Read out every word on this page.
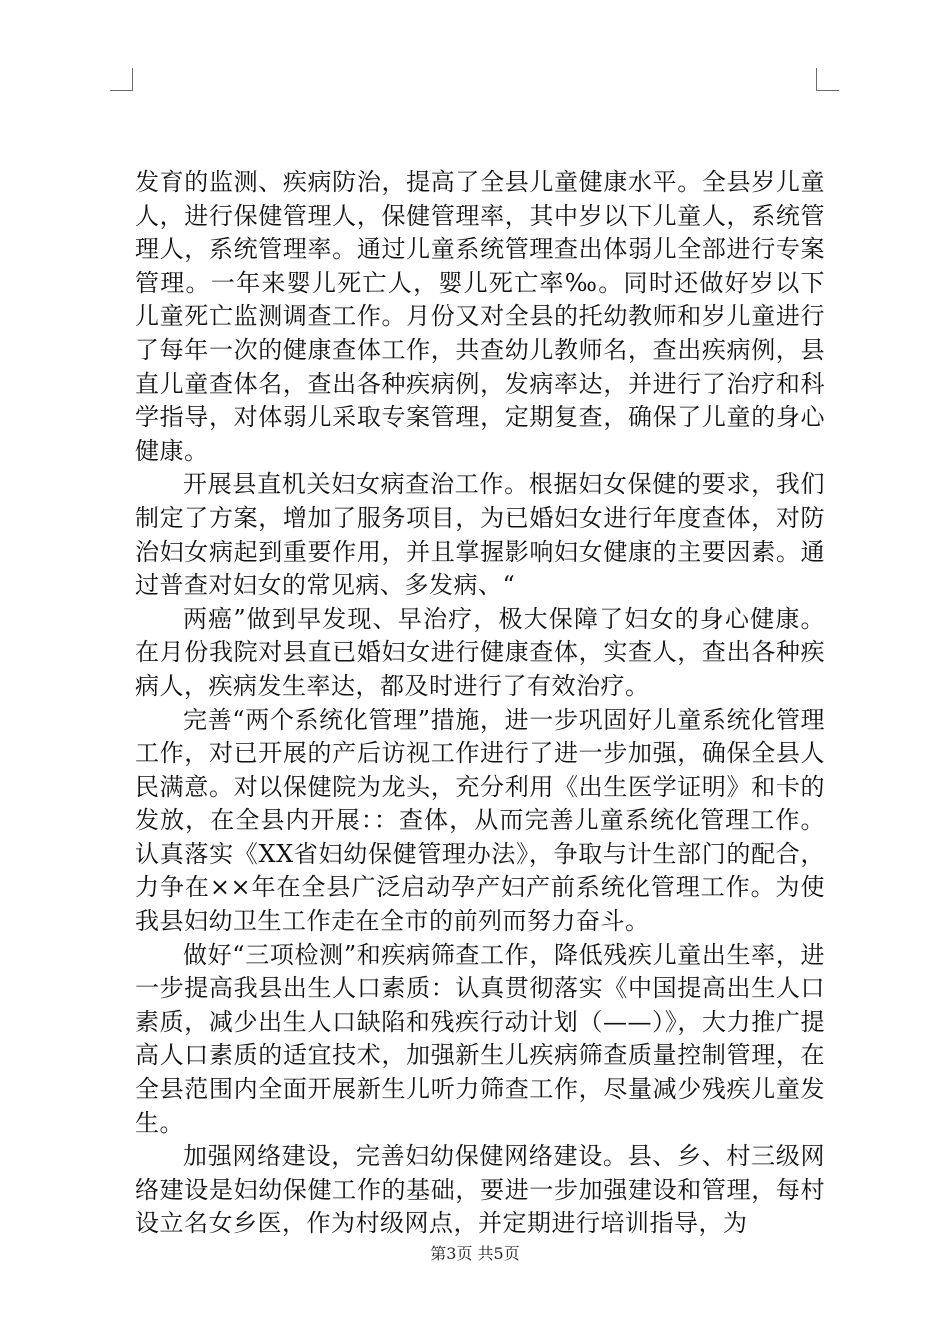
发育的监测、疾病防治，提高了全县儿童健康水平。全县岁儿童人，进行保健管理人，保健管理率，其中岁以下儿童人，系统管理人，系统管理率。通过儿童系统管理查出体弱儿全部进行专案管理。一年来婴儿死亡人，婴儿死亡率‰。同时还做好岁以下儿童死亡监测调查工作。月份又对全县的托幼教师和岁儿童进行了每年一次的健康查体工作，共查幼儿教师名，查出疾病例，县直儿童查体名，查出各种疾病例，发病率达，并进行了治疗和科学指导，对体弱儿采取专案管理，定期复查，确保了儿童的身心健康。

开展县直机关妇女病查治工作。根据妇女保健的要求，我们制定了方案，增加了服务项目，为已婚妇女进行年度查体，对防治妇女病起到重要作用，并且掌握影响妇女健康的主要因素。通过普查对妇女的常见病、多发病、“

两癌”做到早发现、早治疗，极大保障了妇女的身心健康。在月份我院对县直已婚妇女进行健康查体，实查人，查出各种疾病人，疾病发生率达，都及时进行了有效治疗。

完善“两个系统化管理”措施，进一步巩固好儿童系统化管理工作，对已开展的产后访视工作进行了进一步加强，确保全县人民满意。对以保健院为龙头，充分利用《出生医学证明》和卡的发放，在全县内开展：：查体，从而完善儿童系统化管理工作。认真落实《XX省妇幼保健管理办法》，争取与计生部门的配合，力争在××年在全县广泛启动孕产妇产前系统化管理工作。为使我县妇幼卫生工作走在全市的前列而努力奋斗。

做好“三项检测”和疾病筛查工作，降低残疾儿童出生率，进一步提高我县出生人口素质：认真贯彻落实《中国提高出生人口素质，减少出生人口缺陷和残疾行动计划（——）》，大力推广提高人口素质的适宜技术，加强新生儿疾病筛查质量控制管理，在全县范围内全面开展新生儿听力筛查工作，尽量减少残疾儿童发生。

加强网络建设，完善妇幼保健网络建设。县、乡、村三级网络建设是妇幼保健工作的基础，要进一步加强建设和管理，每村设立名女乡医，作为村级网点，并定期进行培训指导，为

第3页 共5页
